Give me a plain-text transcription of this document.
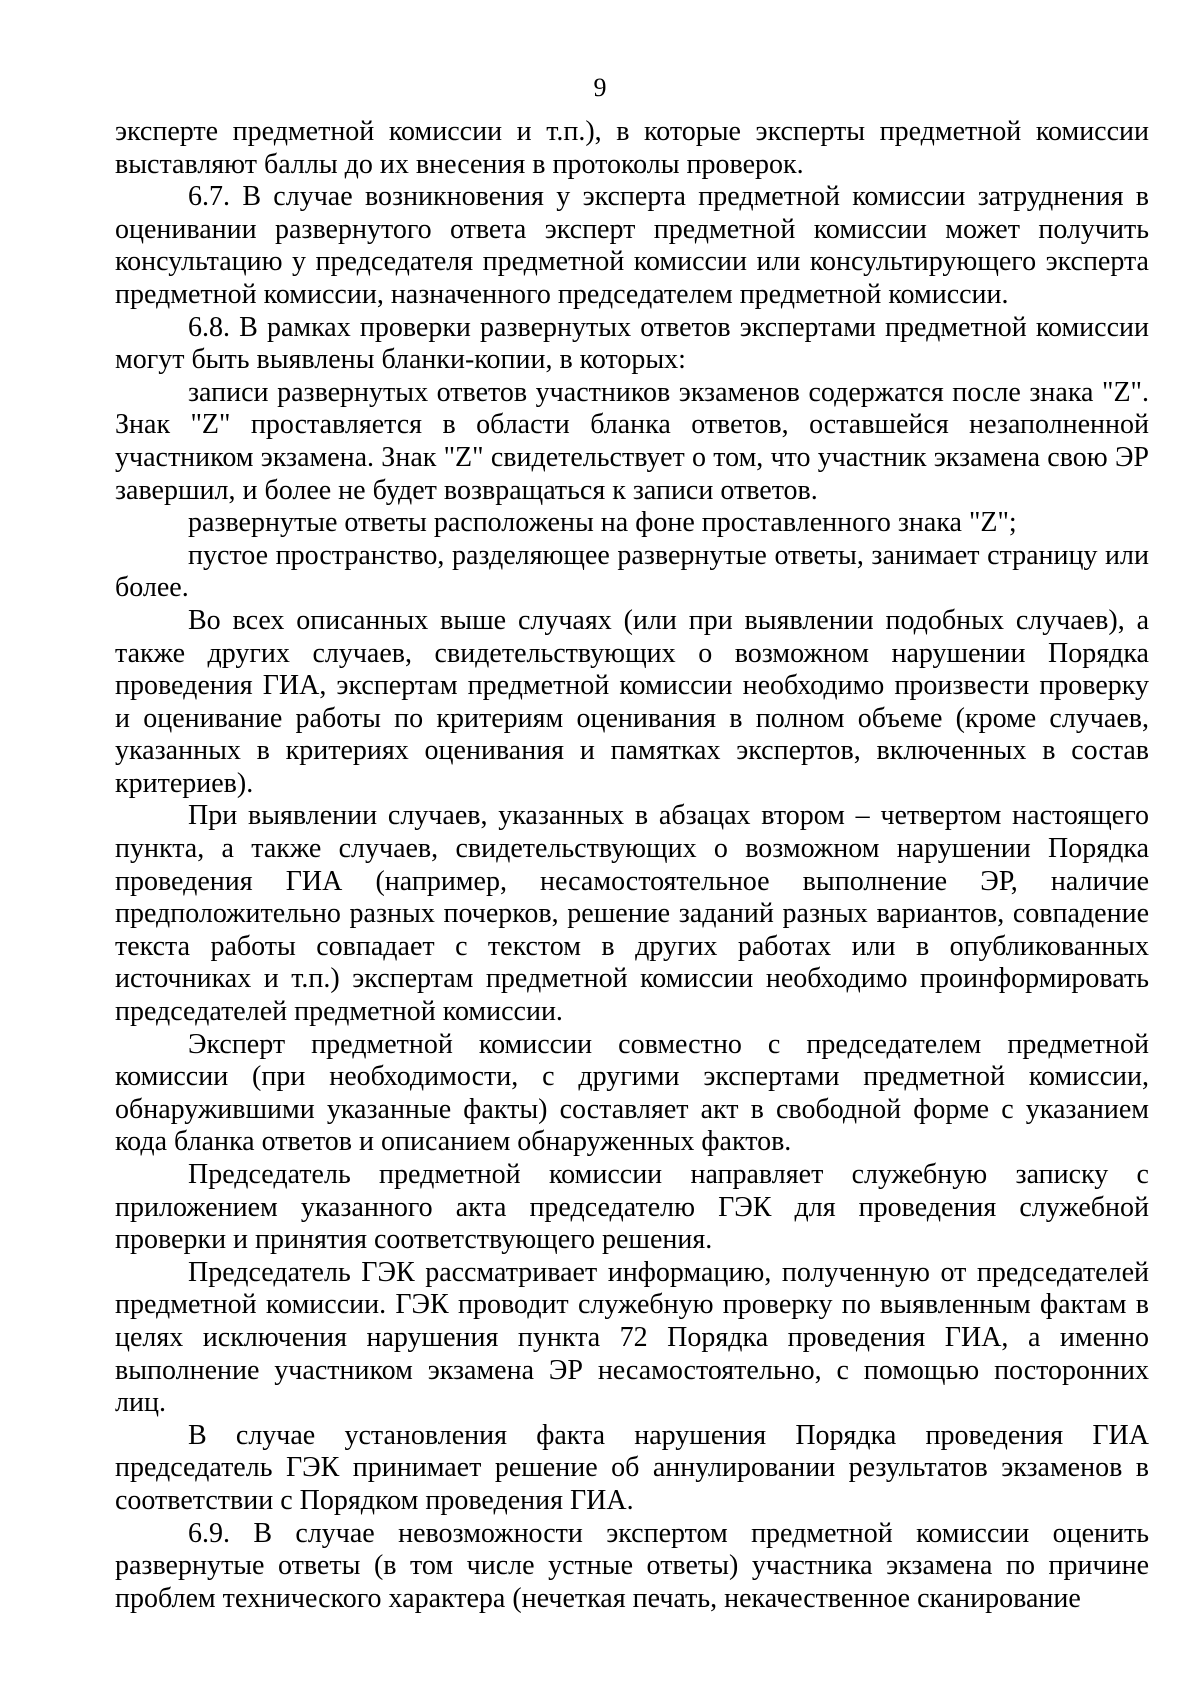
9

эксперте предметной комиссии и т.п.), в которые эксперты предметной комиссии выставляют баллы до их внесения в протоколы проверок.

6.7. В случае возникновения у эксперта предметной комиссии затруднения в оценивании развернутого ответа эксперт предметной комиссии может получить консультацию у председателя предметной комиссии или консультирующего эксперта предметной комиссии, назначенного председателем предметной комиссии.

6.8. В рамках проверки развернутых ответов экспертами предметной комиссии могут быть выявлены бланки-копии, в которых:

записи развернутых ответов участников экзаменов содержатся после знака "Z". Знак "Z" проставляется в области бланка ответов, оставшейся незаполненной участником экзамена. Знак "Z" свидетельствует о том, что участник экзамена свою ЭР завершил, и более не будет возвращаться к записи ответов.

развернутые ответы расположены на фоне проставленного знака "Z";

пустое пространство, разделяющее развернутые ответы, занимает страницу или более.

Во всех описанных выше случаях (или при выявлении подобных случаев), а также других случаев, свидетельствующих о возможном нарушении Порядка проведения ГИА, экспертам предметной комиссии необходимо произвести проверку и оценивание работы по критериям оценивания в полном объеме (кроме случаев, указанных в критериях оценивания и памятках экспертов, включенных в состав критериев).

При выявлении случаев, указанных в абзацах втором – четвертом настоящего пункта, а также случаев, свидетельствующих о возможном нарушении Порядка проведения ГИА (например, несамостоятельное выполнение ЭР, наличие предположительно разных почерков, решение заданий разных вариантов, совпадение текста работы совпадает с текстом в других работах или в опубликованных источниках и т.п.) экспертам предметной комиссии необходимо проинформировать председателей предметной комиссии.

Эксперт предметной комиссии совместно с председателем предметной комиссии (при необходимости, с другими экспертами предметной комиссии, обнаружившими указанные факты) составляет акт в свободной форме с указанием кода бланка ответов и описанием обнаруженных фактов.

Председатель предметной комиссии направляет служебную записку с приложением указанного акта председателю ГЭК для проведения служебной проверки и принятия соответствующего решения.

Председатель ГЭК рассматривает информацию, полученную от председателей предметной комиссии. ГЭК проводит служебную проверку по выявленным фактам в целях исключения нарушения пункта 72 Порядка проведения ГИА, а именно выполнение участником экзамена ЭР несамостоятельно, с помощью посторонних лиц.

В случае установления факта нарушения Порядка проведения ГИА председатель ГЭК принимает решение об аннулировании результатов экзаменов в соответствии с Порядком проведения ГИА.

6.9. В случае невозможности экспертом предметной комиссии оценить развернутые ответы (в том числе устные ответы) участника экзамена по причине проблем технического характера (нечеткая печать, некачественное сканирование
